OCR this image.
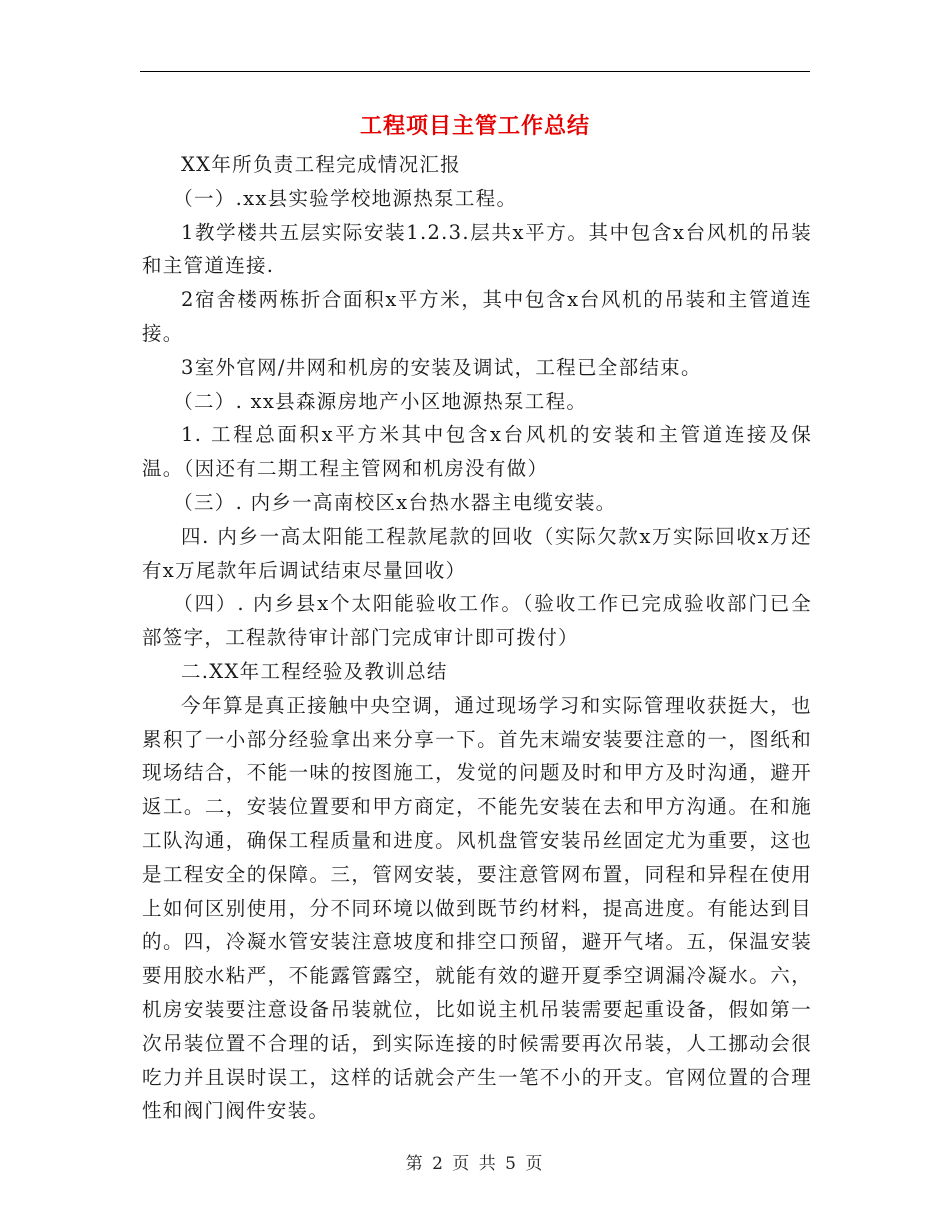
工程项目主管工作总结

XX年所负责工程完成情况汇报

（一）.xx县实验学校地源热泵工程。

1教学楼共五层实际安装1.2.3.层共x平方。其中包含x台风机的吊装和主管道连接.

2宿舍楼两栋折合面积x平方米，其中包含x台风机的吊装和主管道连接。

3室外官网/井网和机房的安装及调试，工程已全部结束。

（二）. xx县森源房地产小区地源热泵工程。

1. 工程总面积x平方米其中包含x台风机的安装和主管道连接及保温。（因还有二期工程主管网和机房没有做）

（三）. 内乡一高南校区x台热水器主电缆安装。

四. 内乡一高太阳能工程款尾款的回收（实际欠款x万实际回收x万还有x万尾款年后调试结束尽量回收）

（四）. 内乡县x个太阳能验收工作。（验收工作已完成验收部门已全部签字，工程款待审计部门完成审计即可拨付）

二.XX年工程经验及教训总结

今年算是真正接触中央空调，通过现场学习和实际管理收获挺大，也累积了一小部分经验拿出来分享一下。首先末端安装要注意的一，图纸和现场结合，不能一味的按图施工，发觉的问题及时和甲方及时沟通，避开返工。二，安装位置要和甲方商定，不能先安装在去和甲方沟通。在和施工队沟通，确保工程质量和进度。风机盘管安装吊丝固定尤为重要，这也是工程安全的保障。三，管网安装，要注意管网布置，同程和异程在使用上如何区别使用，分不同环境以做到既节约材料，提高进度。有能达到目的。四，冷凝水管安装注意坡度和排空口预留，避开气堵。五，保温安装要用胶水粘严，不能露管露空，就能有效的避开夏季空调漏冷凝水。六，机房安装要注意设备吊装就位，比如说主机吊装需要起重设备，假如第一次吊装位置不合理的话，到实际连接的时候需要再次吊装，人工挪动会很吃力并且误时误工，这样的话就会产生一笔不小的开支。官网位置的合理性和阀门阀件安装。

第 2 页 共 5 页
